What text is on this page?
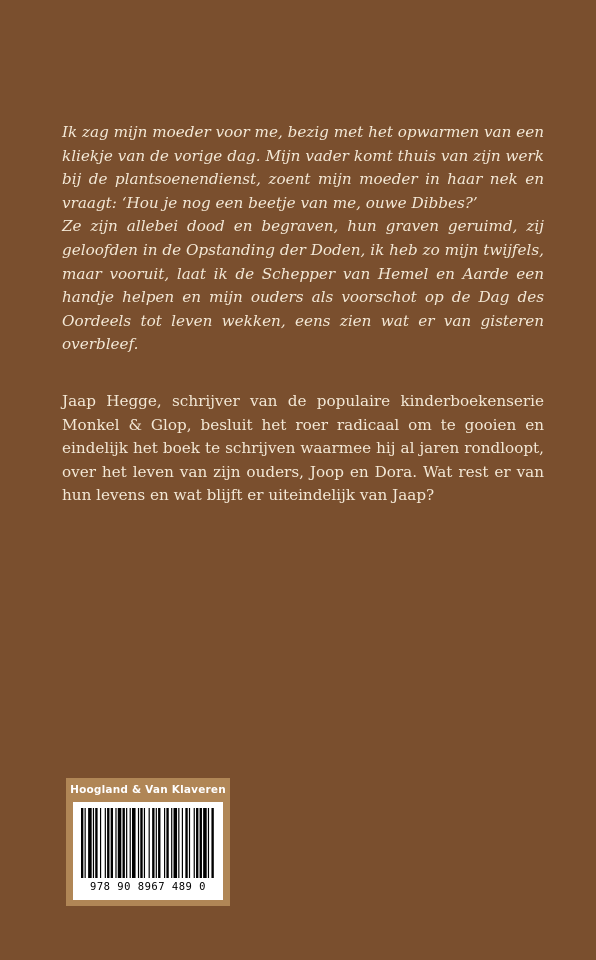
Ik zag mijn moeder voor me, bezig met het opwarmen van een kliekje van de vorige dag. Mijn vader komt thuis van zijn werk bij de plantsoenendienst, zoent mijn moeder in haar nek en vraagt: ‘Hou je nog een beetje van me, ouwe Dibbes?’

Ze zijn allebei dood en begraven, hun graven geruimd, zij geloofden in de Opstanding der Doden, ik heb zo mijn twijfels, maar vooruit, laat ik de Schepper van Hemel en Aarde een handje helpen en mijn ouders als voorschot op de Dag des Oordeels tot leven wekken, eens zien wat er van gisteren overbleef.

Jaap Hegge, schrijver van de populaire kinderboekenserie Monkel & Glop, besluit het roer radicaal om te gooien en eindelijk het boek te schrijven waarmee hij al jaren rondloopt, over het leven van zijn ouders, Joop en Dora. Wat rest er van hun levens en wat blijft er uiteindelijk van Jaap?

Hoogland & Van Klaveren
978 90 8967 489 0
